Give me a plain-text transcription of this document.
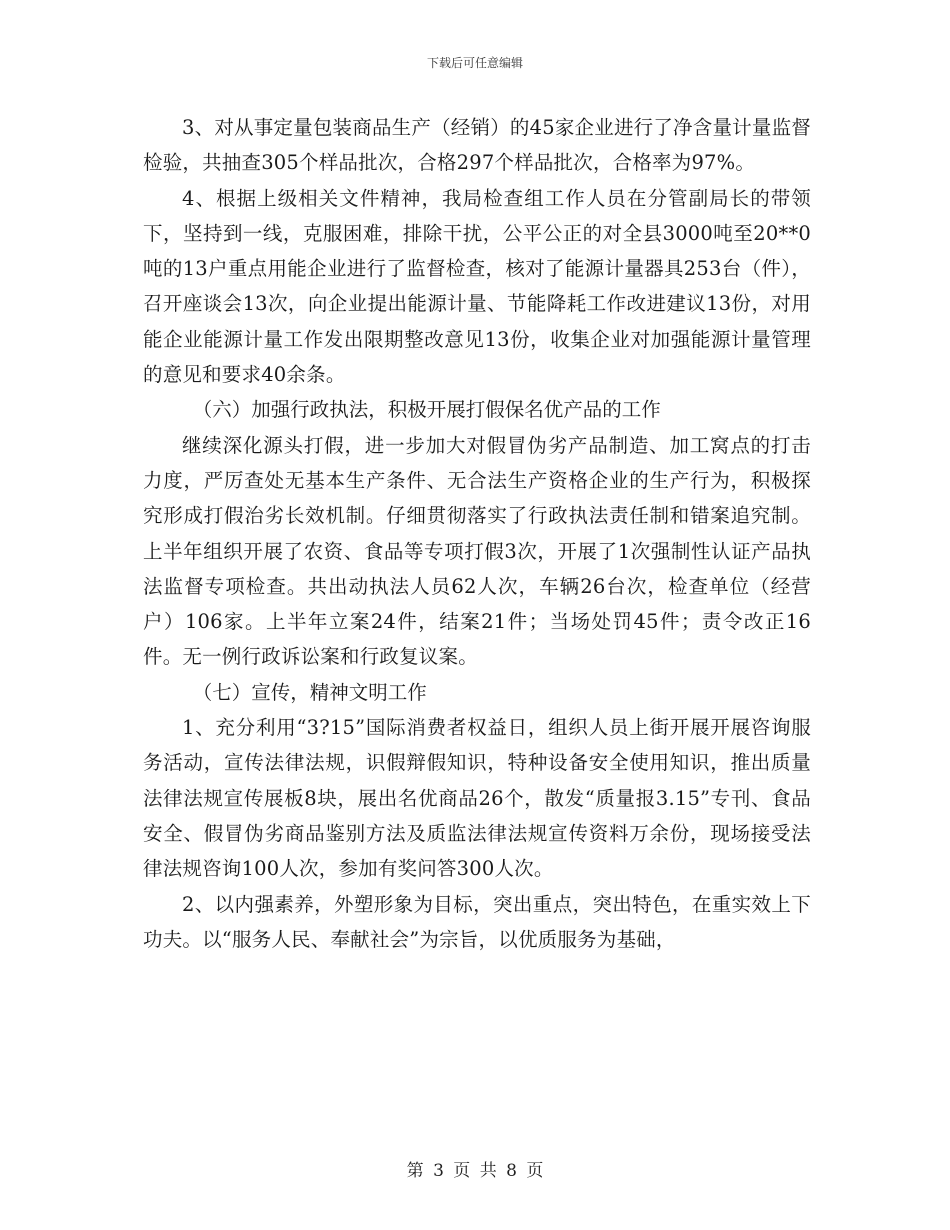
下载后可任意编辑

3、对从事定量包装商品生产（经销）的45家企业进行了净含量计量监督检验，共抽查305个样品批次，合格297个样品批次，合格率为97%。

4、根据上级相关文件精神，我局检查组工作人员在分管副局长的带领下，坚持到一线，克服困难，排除干扰，公平公正的对全县3000吨至20**0吨的13户重点用能企业进行了监督检查，核对了能源计量器具253台（件），召开座谈会13次，向企业提出能源计量、节能降耗工作改进建议13份，对用能企业能源计量工作发出限期整改意见13份，收集企业对加强能源计量管理的意见和要求40余条。

（六）加强行政执法，积极开展打假保名优产品的工作

继续深化源头打假，进一步加大对假冒伪劣产品制造、加工窝点的打击力度，严厉查处无基本生产条件、无合法生产资格企业的生产行为，积极探究形成打假治劣长效机制。仔细贯彻落实了行政执法责任制和错案追究制。上半年组织开展了农资、食品等专项打假3次，开展了1次强制性认证产品执法监督专项检查。共出动执法人员62人次，车辆26台次，检查单位（经营户）106家。上半年立案24件，结案21件；当场处罚45件；责令改正16件。无一例行政诉讼案和行政复议案。

（七）宣传，精神文明工作

1、充分利用“3?15”国际消费者权益日，组织人员上街开展开展咨询服务活动，宣传法律法规，识假辩假知识，特种设备安全使用知识，推出质量法律法规宣传展板8块，展出名优商品26个，散发“质量报3.15”专刊、食品安全、假冒伪劣商品鉴别方法及质监法律法规宣传资料万余份，现场接受法律法规咨询100人次，参加有奖问答300人次。

2、以内强素养，外塑形象为目标，突出重点，突出特色，在重实效上下功夫。以“服务人民、奉献社会”为宗旨，以优质服务为基础，

第 3 页 共 8 页
